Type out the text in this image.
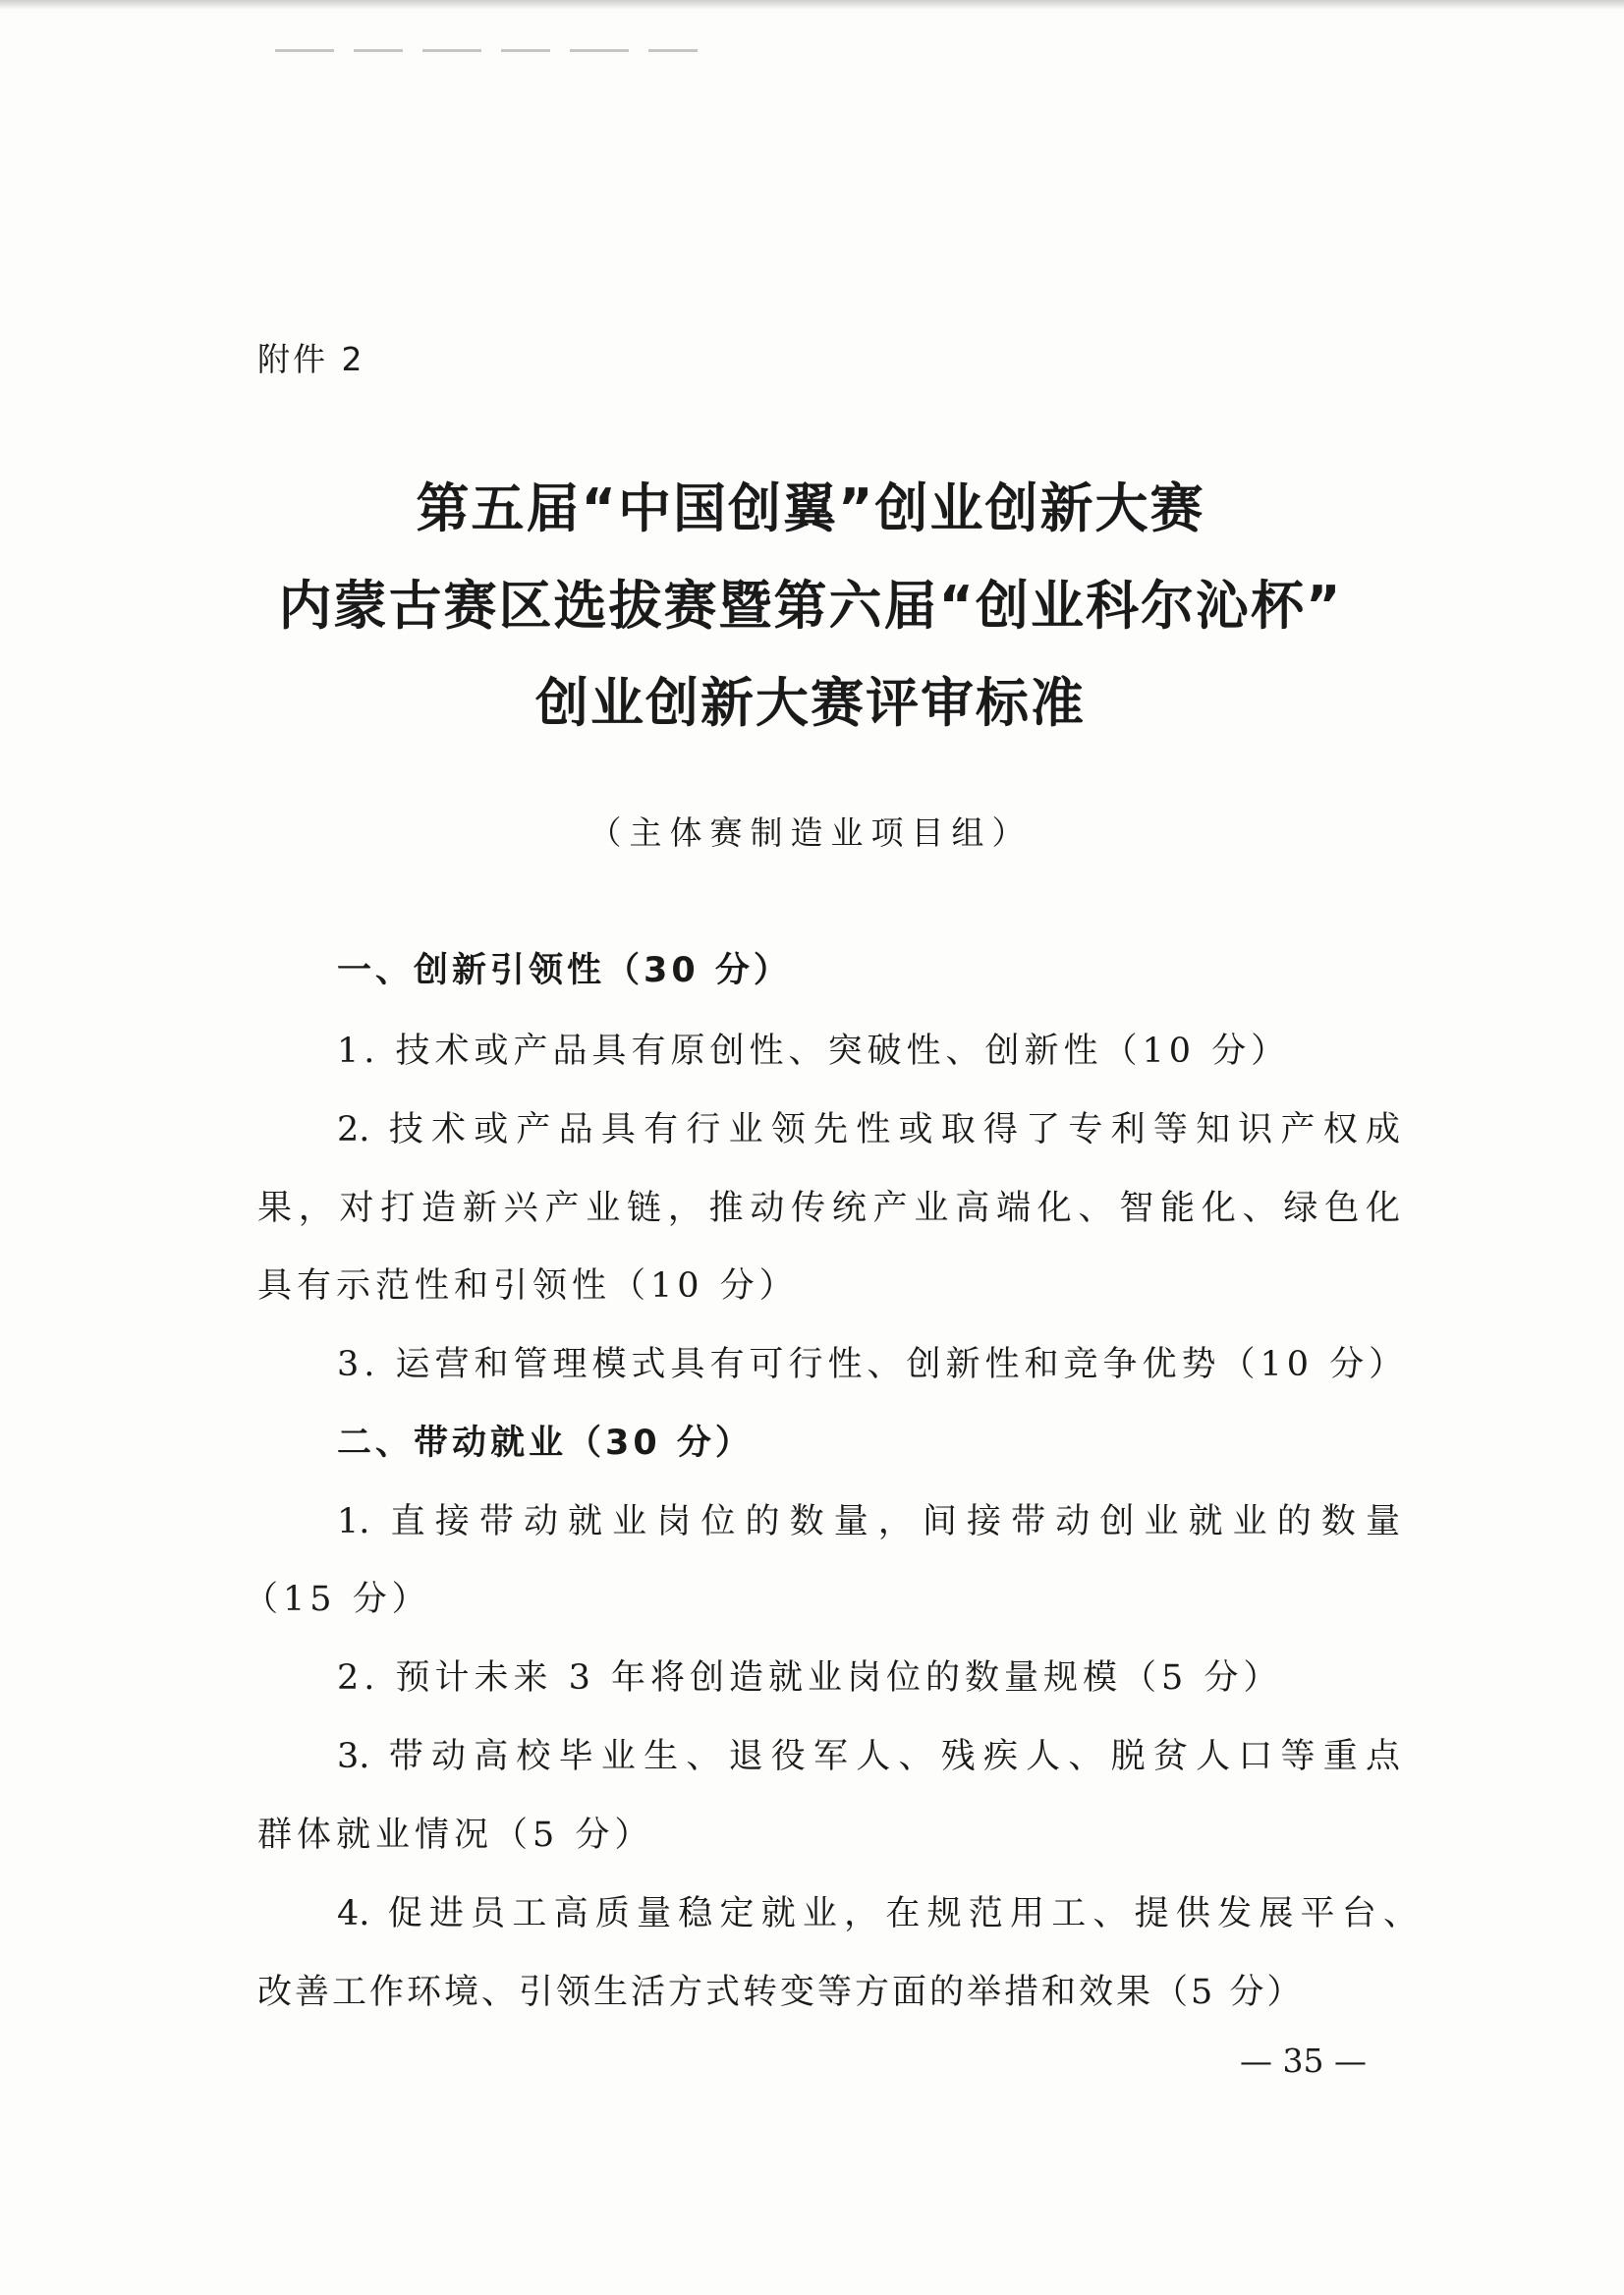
附件 2
第五届“中国创翼”创业创新大赛
内蒙古赛区选拔赛暨第六届“创业科尔沁杯”
创业创新大赛评审标准
（主体赛制造业项目组）
一、创新引领性（30 分）
1. 技术或产品具有原创性、突破性、创新性（10 分）
2. 技术或产品具有行业领先性或取得了专利等知识产权成
果，对打造新兴产业链，推动传统产业高端化、智能化、绿色化
具有示范性和引领性（10 分）
3. 运营和管理模式具有可行性、创新性和竞争优势（10 分）
二、带动就业（30 分）
1. 直接带动就业岗位的数量，间接带动创业就业的数量
（15 分）
2. 预计未来 3 年将创造就业岗位的数量规模（5 分）
3. 带动高校毕业生、退役军人、残疾人、脱贫人口等重点
群体就业情况（5 分）
4. 促进员工高质量稳定就业，在规范用工、提供发展平台、
改善工作环境、引领生活方式转变等方面的举措和效果（5 分）
— 35 —
